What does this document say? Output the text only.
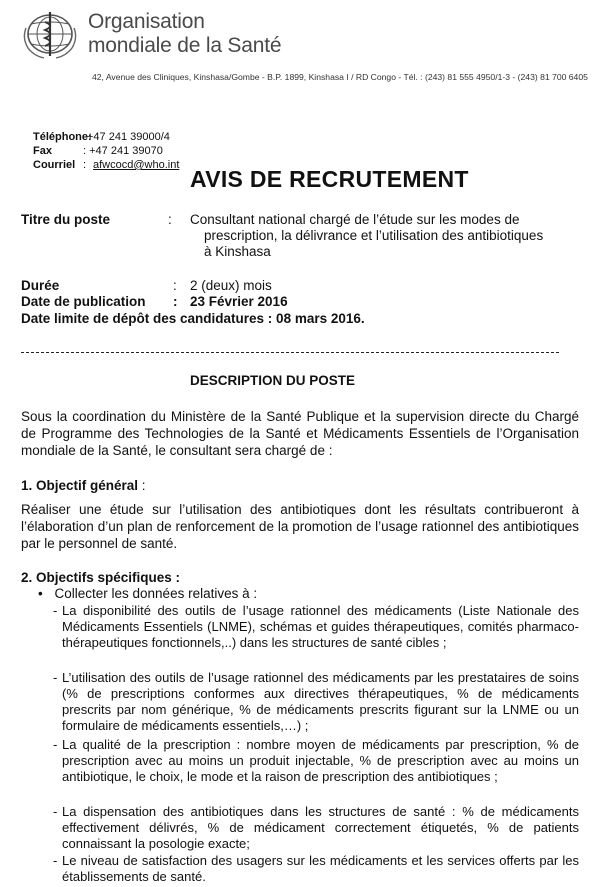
Organisation
mondiale de la Santé
42, Avenue des Cliniques, Kinshasa/Gombe - B.P. 1899, Kinshasa I / RD Congo - Tél. : (243) 81 555 4950/1-3 - (243) 81 700 6405
Téléphone:
+47 241 39000/4
Fax	: +47 241 39070
Courriel : afwcocd@who.int
AVIS DE RECRUTEMENT
Titre du poste	: Consultant national chargé de l’étude sur les modes de
prescription, la délivrance et l’utilisation des antibiotiques
à Kinshasa
Durée	: 2 (deux) mois
Date de publication : 23 Février 2016
Date limite de dépôt des candidatures : 08 mars 2016.
DESCRIPTION DU POSTE
Sous la coordination du Ministère de la Santé Publique et la supervision directe du Chargé de Programme des Technologies de la Santé et Médicaments Essentiels de l’Organisation mondiale de la Santé, le consultant sera chargé de :
1. Objectif général :
Réaliser une étude sur l’utilisation des antibiotiques dont les résultats contribueront à l’élaboration d’un plan de renforcement de la promotion de l’usage rationnel des antibiotiques par le personnel de santé.
2. Objectifs spécifiques :
• Collecter les données relatives à :
- La disponibilité des outils de l’usage rationnel des médicaments (Liste Nationale des Médicaments Essentiels (LNME), schémas et guides thérapeutiques, comités pharmaco-thérapeutiques fonctionnels,..) dans les structures de santé cibles ;
- L’utilisation des outils de l’usage rationnel des médicaments par les prestataires de soins (% de prescriptions conformes aux directives thérapeutiques, % de médicaments prescrits par nom générique, % de médicaments prescrits figurant sur la LNME ou un formulaire de médicaments essentiels,…) ;
- La qualité de la prescription : nombre moyen de médicaments par prescription, % de prescription avec au moins un produit injectable, % de prescription avec au moins un antibiotique, le choix, le mode et la raison de prescription des antibiotiques ;
- La dispensation des antibiotiques dans les structures de santé : % de médicaments effectivement délivrés, % de médicament correctement étiquetés, % de patients connaissant la posologie exacte;
- Le niveau de satisfaction des usagers sur les médicaments et les services offerts par les établissements de santé.
